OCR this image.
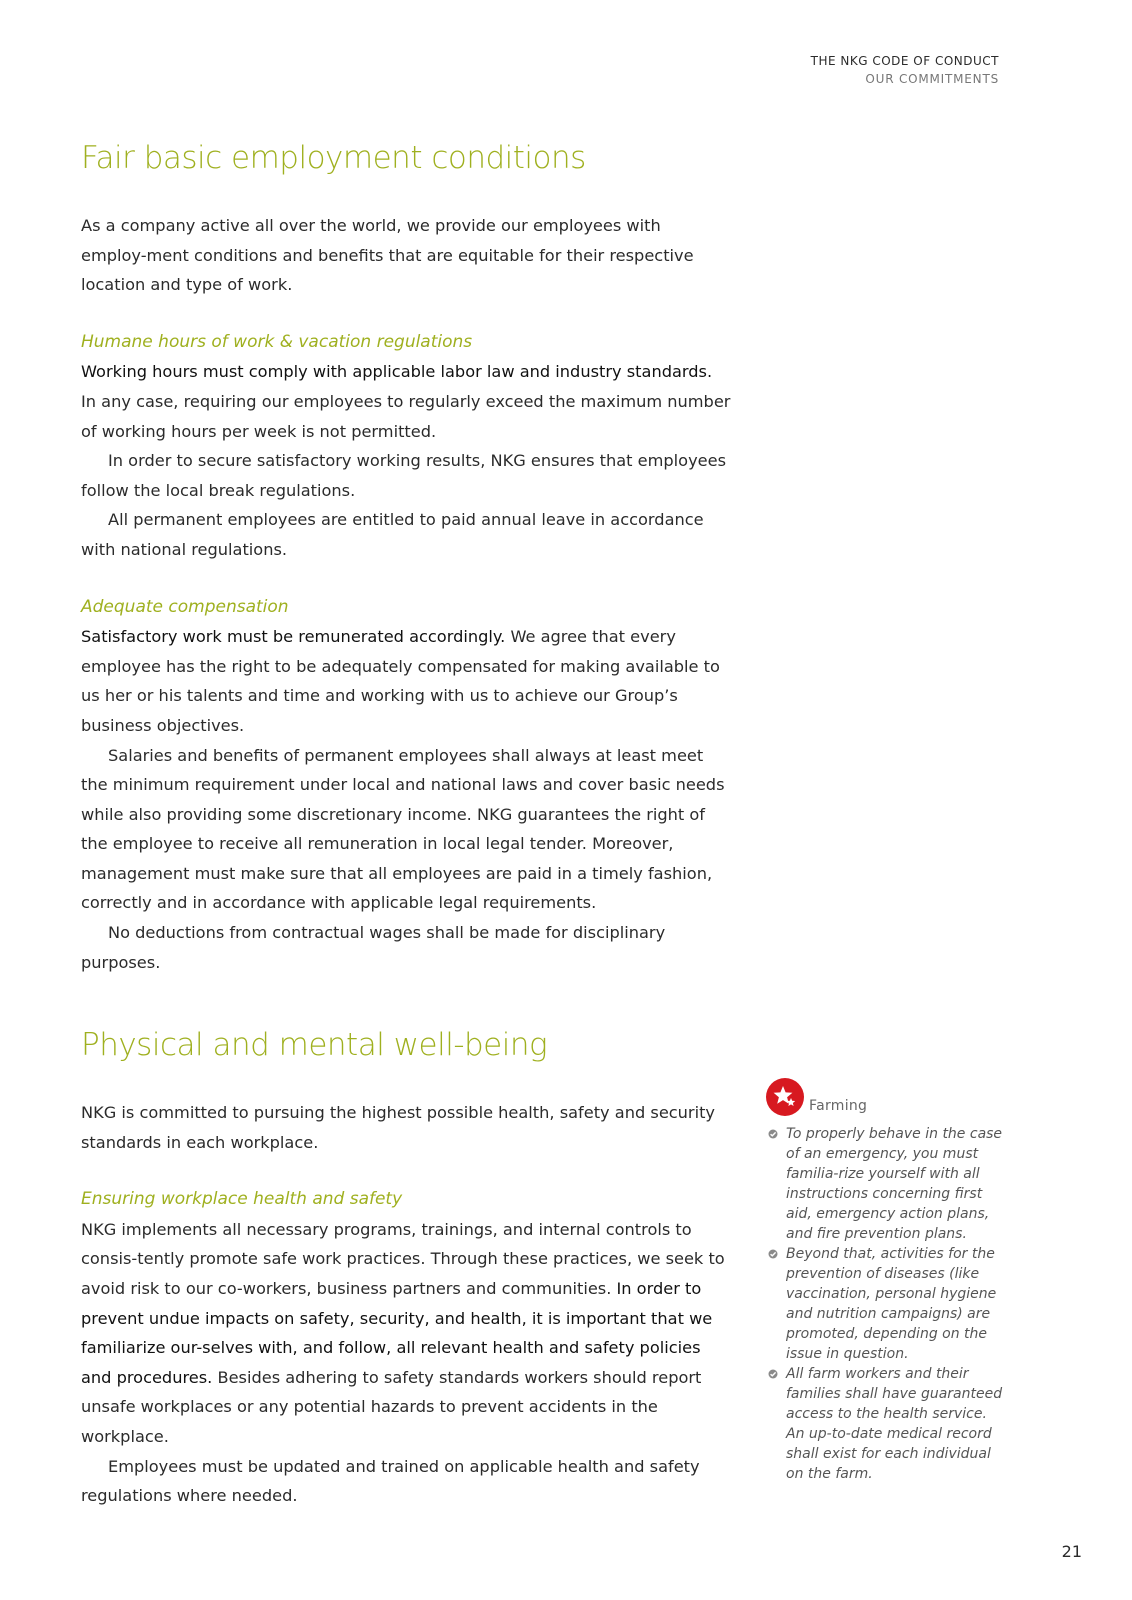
THE NKG CODE OF CONDUCT
OUR COMMITMENTS
Fair basic employment conditions

As a company active all over the world, we provide our employees with employ-ment conditions and benefits that are equitable for their respective location and type of work.

Humane hours of work & vacation regulations

Working hours must comply with applicable labor law and industry standards. In any case, requiring our employees to regularly exceed the maximum number of working hours per week is not permitted.

In order to secure satisfactory working results, NKG ensures that employees follow the local break regulations.

All permanent employees are entitled to paid annual leave in accordance with national regulations.

Adequate compensation

Satisfactory work must be remunerated accordingly. We agree that every employee has the right to be adequately compensated for making available to us her or his talents and time and working with us to achieve our Group’s business objectives.

Salaries and benefits of permanent employees shall always at least meet the minimum requirement under local and national laws and cover basic needs while also providing some discretionary income. NKG guarantees the right of the employee to receive all remuneration in local legal tender. Moreover, management must make sure that all employees are paid in a timely fashion, correctly and in accordance with applicable legal requirements.

No deductions from contractual wages shall be made for disciplinary purposes.

Physical and mental well-being

NKG is committed to pursuing the highest possible health, safety and security standards in each workplace.

Ensuring workplace health and safety

NKG implements all necessary programs, trainings, and internal controls to consis-tently promote safe work practices. Through these practices, we seek to avoid risk to our co-workers, business partners and communities. In order to prevent undue impacts on safety, security, and health, it is important that we familiarize our-selves with, and follow, all relevant health and safety policies and procedures. Besides adhering to safety standards workers should report unsafe workplaces or any potential hazards to prevent accidents in the workplace.

Employees must be updated and trained on applicable health and safety regulations where needed.

Farming
To properly behave in the case of an emergency, you must familia-rize yourself with all instructions concerning first aid, emergency action plans, and fire prevention plans.
Beyond that, activities for the prevention of diseases (like vaccination, personal hygiene and nutrition campaigns) are promoted, depending on the issue in question.
All farm workers and their families shall have guaranteed access to the health service. An up-to-date medical record shall exist for each individual on the farm.
21
